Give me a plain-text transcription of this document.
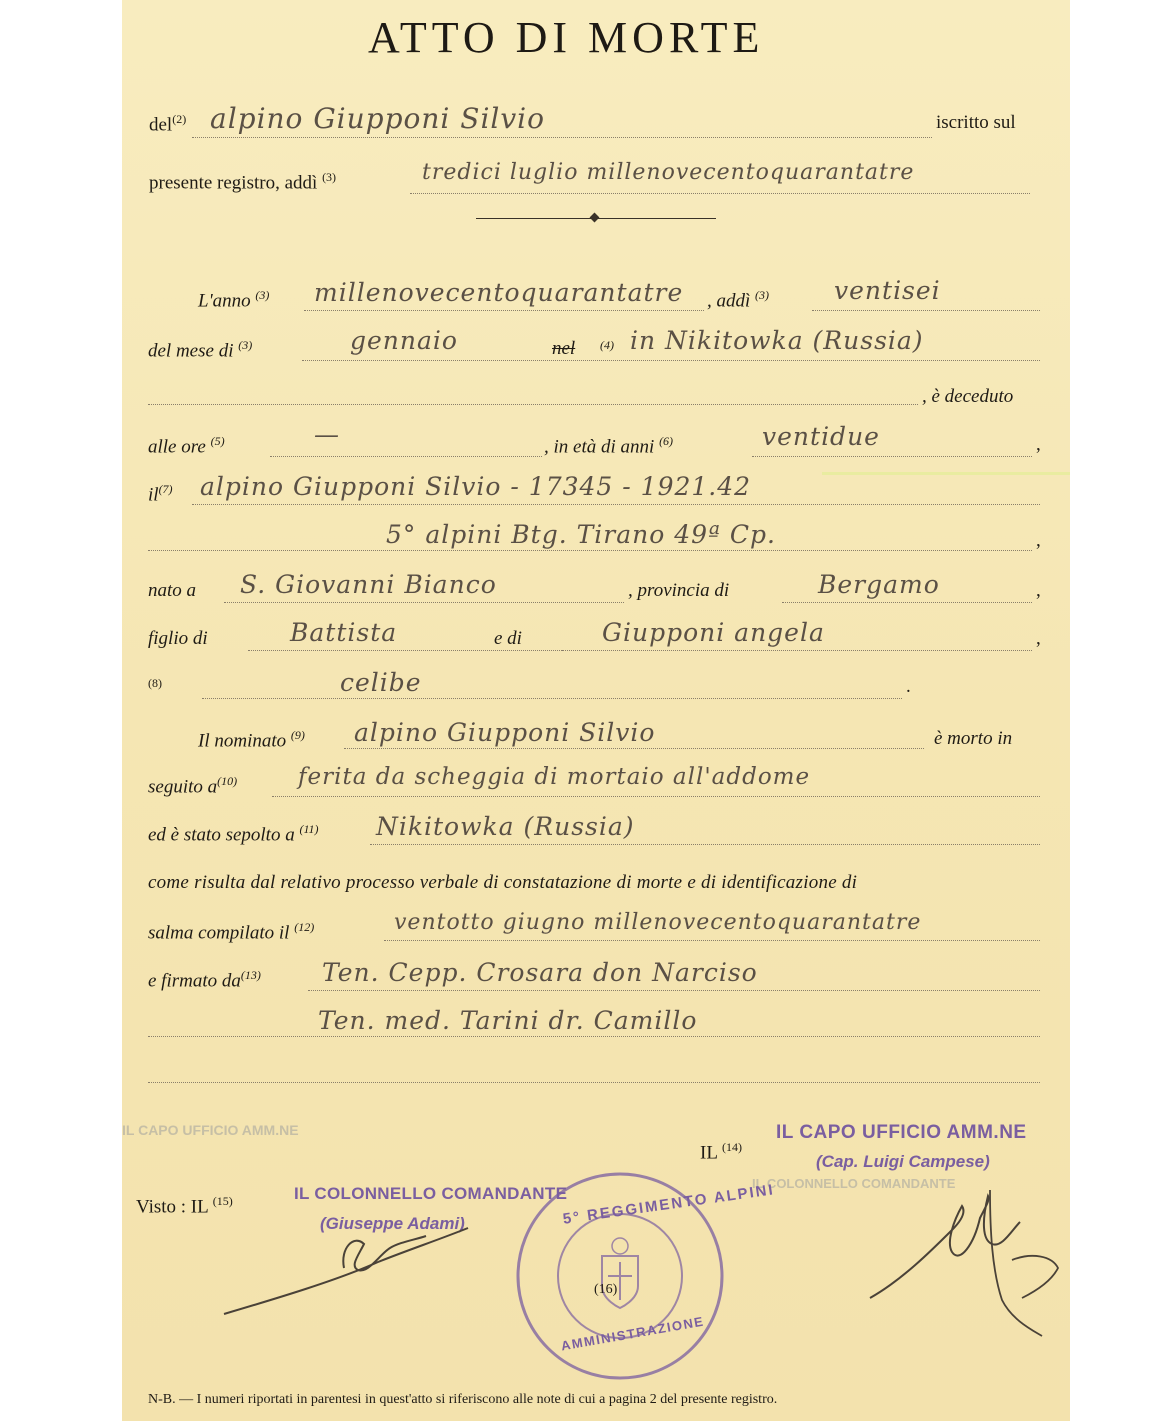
ATTO DI MORTE
del$^{(2)}$ alpino Giupponi Silvio	iscritto sul
presente registro, addì $^{(3)}$	tredici luglio millenovecentoquarantatre
L'anno $^{(3)}$ millenovecentoquarantatre , addì $^{(3)}$	ventisei
del mese di $^{(3)}$	gennaio	nel $^{(4)}$ in Nikitowka (Russia)
, è deceduto
alle ore $^{(5)}$	—	, in età di anni $^{(6)}$	ventidue	,
$il^{(7)}$ alpino Giupponi Silvio - 17345 - 1921.42
5° alpini Btg. Tirano 49ª Cp.	,
nato a S. Giovanni Bianco	, provincia di	Bergamo	,
figlio di	Battista	e di	Giupponi angela	,
$^{(8)}$	celibe	.
Il nominato $^{(9)}$ alpino Giupponi Silvio	è morto in
seguito $a^{(10)}$	ferita da scheggia di mortaio all'addome
ed è stato sepolto a $^{(11)}$ Nikitowka (Russia)
come risulta dal relativo processo verbale di constatazione di morte e di identificazione di
salma compilato il $^{(12)}$	ventotto giugno millenovecentoquarantatre
e firmato $da^{(13)}$ Ten. Cepp. Crosara don Narciso
Ten. med. Tarini dr. Camillo
IL CAPO UFFICIO AMM.NE
IL COLONNELLO COMANDANTE
IL $^{(14)}$
IL CAPO UFFICIO AMM.NE
(Cap. Luigi Campese)
Visto : IL $^{(15)}$	IL COLONNELLO COMANDANTE
(Giuseppe Adami)	5° REGGIMENTO ALPINI
AMMINISTRAZIONE
(16)
N-B. — I numeri riportati in parentesi in quest'atto si riferiscono alle note di cui a pagina 2 del presente registro.
